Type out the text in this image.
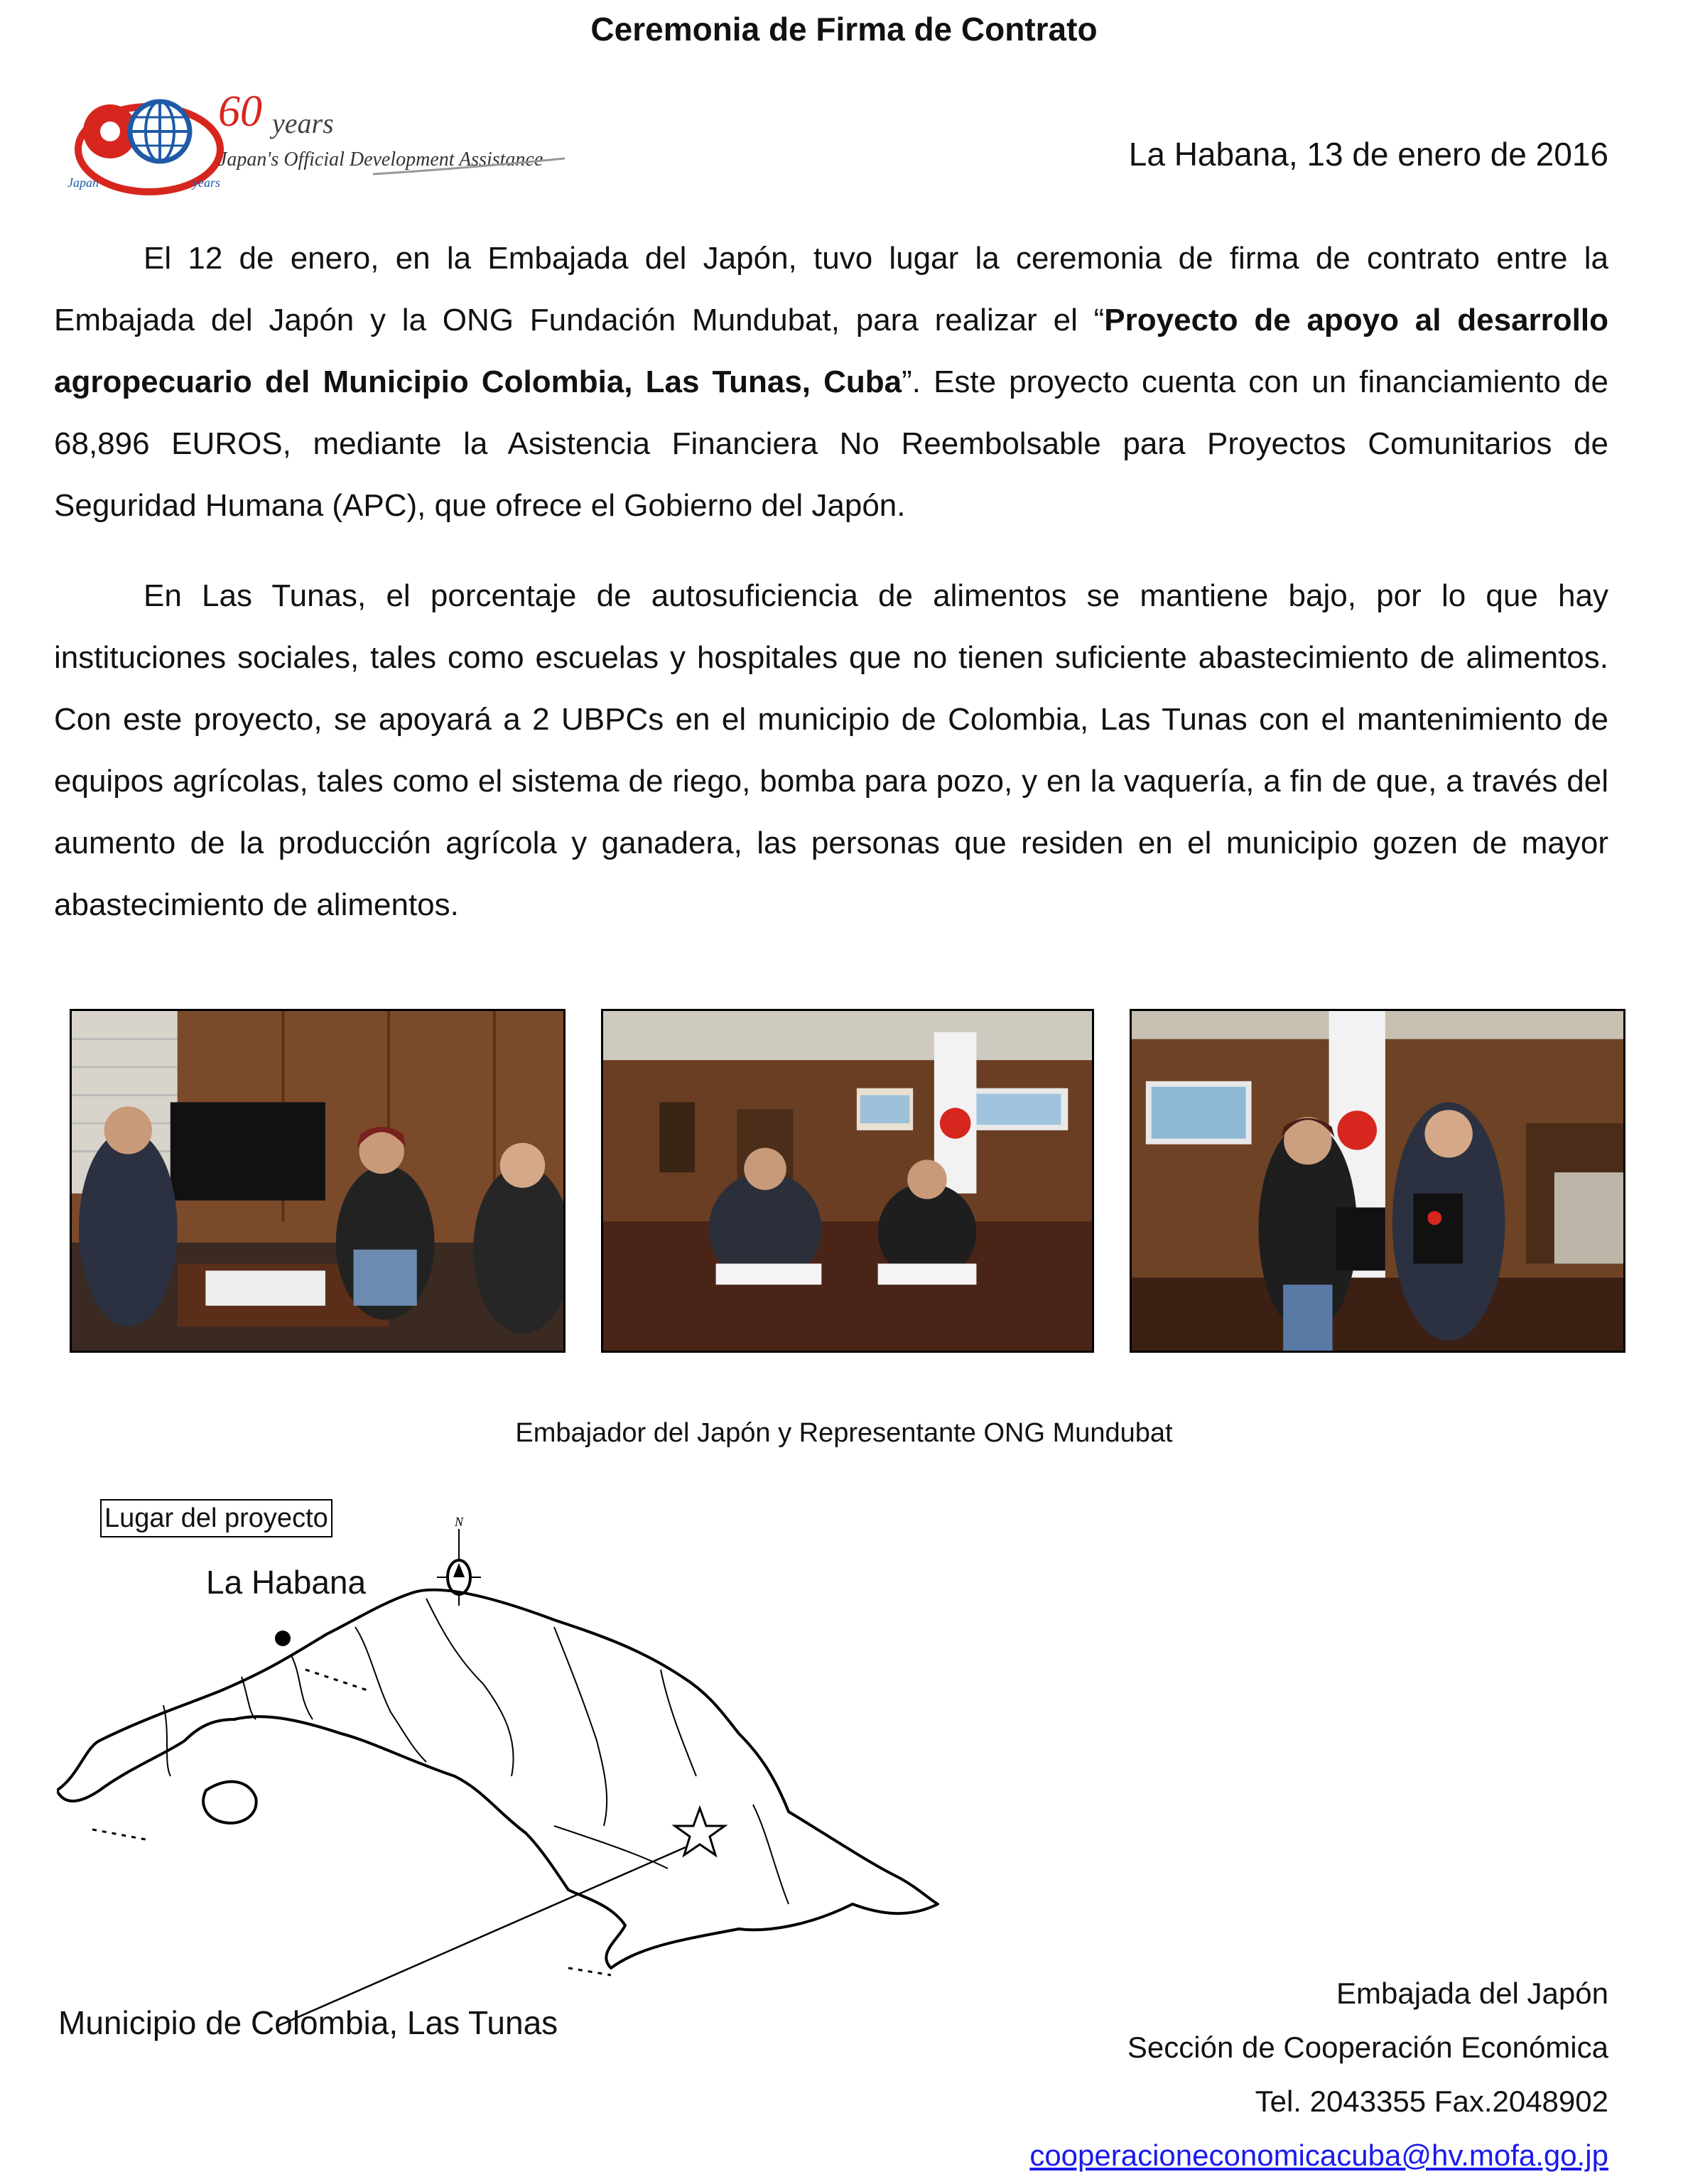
Ceremonia de Firma de Contrato
Japan	years
60 years
Japan's Official Development Assistance	La Habana, 13 de enero de 2016

El 12 de enero, en la Embajada del Japón, tuvo lugar la ceremonia de firma de contrato entre la Embajada del Japón y la ONG Fundación Mundubat, para realizar el “Proyecto de apoyo al desarrollo agropecuario del Municipio Colombia, Las Tunas, Cuba”. Este proyecto cuenta con un financiamiento de 68,896 EUROS, mediante la Asistencia Financiera No Reembolsable para Proyectos Comunitarios de Seguridad Humana (APC), que ofrece el Gobierno del Japón.

En Las Tunas, el porcentaje de autosuficiencia de alimentos se mantiene bajo, por lo que hay instituciones sociales, tales como escuelas y hospitales que no tienen suficiente abastecimiento de alimentos. Con este proyecto, se apoyará a 2 UBPCs en el municipio de Colombia, Las Tunas con el mantenimiento de equipos agrícolas, tales como el sistema de riego, bomba para pozo, y en la vaquería, a fin de que, a través del aumento de la producción agrícola y ganadera, las personas que residen en el municipio gozen de mayor abastecimiento de alimentos.

Embajador del Japón y Representante ONG Mundubat
Lugar del proyecto	N
La Habana
Municipio de Colombia, Las Tunas
Embajada del Japón
Sección de Cooperación Económica
Tel. 2043355 Fax.2048902
cooperacioneconomicacuba@hv.mofa.go.jp
